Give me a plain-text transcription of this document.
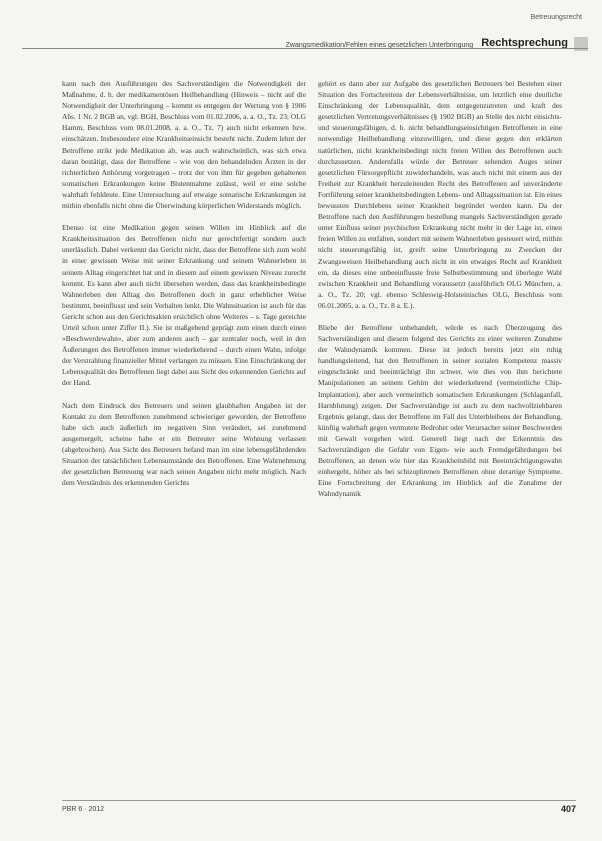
Betreuungsrecht
Zwangsmedikation/Fehlen eines gesetzlichen Unterbringung Rechtsprechung

kann nach den Ausführungen des Sachverständigen die Notwendigkeit der Maßnahme, d. h. der medikamentösen Heilbehandlung (Hinweis – nicht auf die Notwendigkeit der Unterbringung – kommt es entgegen der Wertung von § 1906 Abs. 1 Nr. 2 BGB an, vgl. BGH, Beschluss vom 01.02.2006, a. a. O., Tz. 23; OLG Hamm, Beschluss vom 08.01.2008, a. a. O., Tz. 7) auch nicht erkennen bzw. einschätzen. Insbesondere eine Krankheitseinsicht besteht nicht. Zudem lehnt der Betroffene strikt jede Medikation ab, was auch wahrscheinlich, was sich etwa daran bestätigt, dass der Betroffene – wie von den behandelnden Ärzten in der richterlichen Anhörung vorgetragen – trotz der von ihm für gegeben gehaltenen somatischen Erkrankungen keine Blutentnahme zulässt, weil er eine solche wahrhaft fehldeute. Eine Untersuchung auf etwaige somatische Erkrankungen ist mithin ebenfalls nicht ohne die Überwindung körperlichen Widerstands möglich.

Ebenso ist eine Medikation gegen seinen Willen im Hinblick auf die Krankheitssituation des Betroffenen nicht nur gerechtfertigt sondern auch unerlässlich. Dabei verkennt das Gericht nicht, dass der Betroffene sich zum wohl in einer gewissen Weise mit seiner Erkrankung und seinem Wahnerleben in seinem Alltag eingerichtet hat und in diesem auf einem gewissen Niveau zurecht kommt. Es kann aber auch nicht übersehen werden, dass das krankheitsbedingte Wahnerleben den Alltag des Betroffenen doch in ganz erheblicher Weise bestimmt, beeinflusst und sein Verhalten lenkt. Die Wahnsituation ist auch für das Gericht schon aus den Gerichtsakten ersichtlich ohne Weiteres – s. Tage gereichte Urteil schon unter Ziffer II.). Sie ist maßgebend geprägt zum einen durch einen »Beschwerdewahn«, aber zum anderen auch – gar zentraler noch, weil in den Äußerungen des Betroffenen immer wiederkehrend – durch einen Wahn, infolge der Verstrahlung finanzieller Mittel verlangen zu müssen. Eine Einschränkung der Lebensqualität des Betroffenen liegt dabei aus Sicht des erkennenden Gerichts auf der Hand.

Nach dem Eindruck des Betreuers und seinen glaubhaften Angaben ist der Kontakt zu dem Betroffenen zunehmend schwieriger geworden, der Betroffene habe sich auch äußerlich im negativen Sinn verändert, sei zunehmend ausgemergelt, scheine habe er ein Betreuter seine Wohnung verlassen (abgebrochen). Aus Sicht des Betreuers befand man im eine lebensgefährdenden Situation der tatsächlichen Lebensumstände des Betroffenen. Eine Wahrnehmung der gesetzlichen Betreuung war nach seinen Angaben nicht mehr möglich. Nach dem Verständnis des erkennenden Gerichts

gehört es dann aber zur Aufgabe des gesetzlichen Betreuers bei Bestehen einer Situation des Fortschreitens der Lebensverhältnisse, um letztlich eine deutliche Einschränkung der Lebensqualität, dem entgegenzutreten und kraft des gesetzlichen Vertretungsverhältnisses (§ 1902 BGB) an Stelle des nicht einsichts- und steuerungsfähigen, d. h. nicht behandlungseinsichtigen Betroffenen in eine notwendige Heilbehandlung einzuwilligen, und diese gegen den erklärten natürlichen, nicht krankheitsbedingt nicht freien Willen des Betroffenen auch durchzusetzen. Andernfalls würde der Betreuer sehenden Auges seiner gesetzlichen Fürsorgepflicht zuwiderhandeln, was auch nicht mit einem aus der Freiheit zur Krankheit herzuleitenden Recht des Betroffenen auf unveränderte Fortführung seiner krankheitsbedingten Lebens- und Alltagssituation ist. Ein eines bewussten Durchlebens seiner Krankheit begründet werden kann. Da der Betroffene nach den Ausführungen bestellung mangels Sachverständigen gerade unter Einfluss seiner psychischen Erkrankung nicht mehr in der Lage ist, einen freien Willen zu entfalten, sondert mit seinem Wahnerleben gesteuert wird, mithin nicht steuerungsfähig ist, greift seine Unterbringung zu Zwecken der Zwangsweisen Heilbehandlung auch nicht in ein etwaiges Recht auf Krankheit ein, da dieses eine unbeeinflusste freie Selbstbestimmung und überlegte Wahl zwischen Krankheit und Behandlung voraussetzt (ausführlich OLG München, a. a. O., Tz. 20; vgl. ebenso Schleswig-Holsteinisches OLG, Beschluss vom 06.01.2005, a. a. O., Tz. 8 a. E.).

Bliebe der Betroffene unbehandelt, würde es nach Überzeugung des Sachverständigen und diesem folgend des Gerichts zu einer weiteren Zunahme der Wahndynamik kommen. Diese ist jedoch bereits jetzt ein ruhig handlungsleitend, hat den Betroffenen in seiner sozialen Kompetenz massiv eingeschränkt und beeinträchtigt ihn schwer, wie dies von ihm berichtete Manipulationen an seinem Gehirn der wiederkehrend (vermeintliche Chip-Implantation), aber auch vermeintlich somatischen Erkrankungen (Schlaganfall, Harnblutung) zeigen. Der Sachverständige ist auch zu dem nachvollziehbaren Ergebnis gelangt, dass der Betroffene im Fall des Unterbleibens der Behandlung, künftig wahrhaft gegen vermutete Bedroher oder Verursacher seiner Beschwerden mit Gewalt vorgehen wird. Generell liegt nach der Erkenntnis des Sachverständigen die Gefahr von Eigen- wie auch Fremdgefährdungen bei Betroffenen, an denen wie hier das Krankheitsbild mit Beeinträchtigungswahn einhergeht, höher als bei schizophrenen Betroffenen ohne derartige Symptome. Eine Fortschreitung der Erkrankung im Hinblick auf die Zunahme der Wahndynamik

PBR 6 · 2012	407
